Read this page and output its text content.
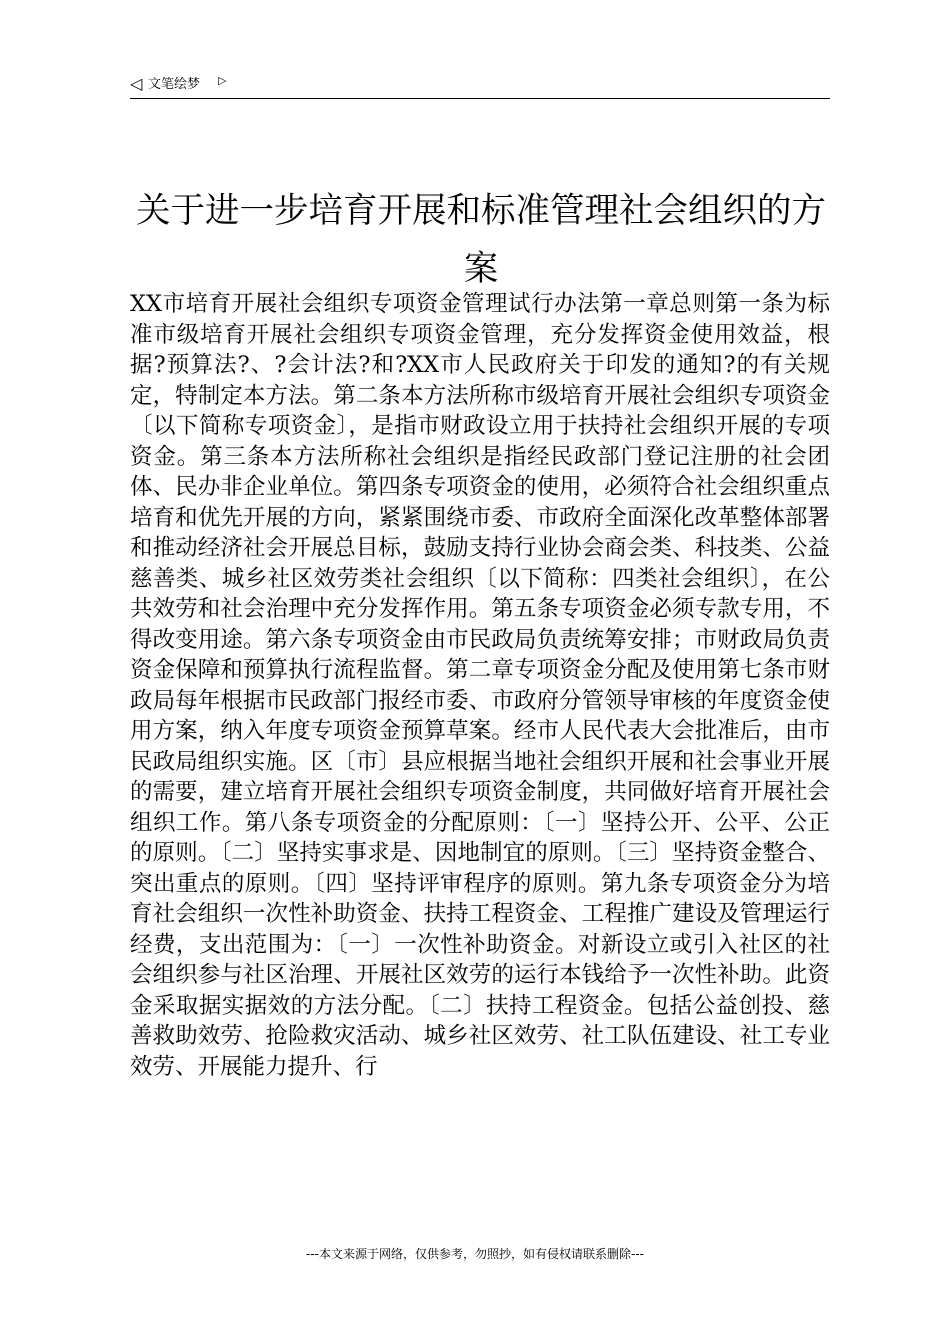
◁ 文笔绘梦 ▷
关于进一步培育开展和标准管理社会组织的方案

XX市培育开展社会组织专项资金管理试行办法第一章总则第一条为标准市级培育开展社会组织专项资金管理，充分发挥资金使用效益，根据?预算法?、?会计法?和?XX市人民政府关于印发的通知?的有关规定，特制定本方法。第二条本方法所称市级培育开展社会组织专项资金〔以下简称专项资金〕，是指市财政设立用于扶持社会组织开展的专项资金。第三条本方法所称社会组织是指经民政部门登记注册的社会团体、民办非企业单位。第四条专项资金的使用，必须符合社会组织重点培育和优先开展的方向，紧紧围绕市委、市政府全面深化改革整体部署和推动经济社会开展总目标，鼓励支持行业协会商会类、科技类、公益慈善类、城乡社区效劳类社会组织〔以下简称：四类社会组织〕，在公共效劳和社会治理中充分发挥作用。第五条专项资金必须专款专用，不得改变用途。第六条专项资金由市民政局负责统筹安排；市财政局负责资金保障和预算执行流程监督。第二章专项资金分配及使用第七条市财政局每年根据市民政部门报经市委、市政府分管领导审核的年度资金使用方案，纳入年度专项资金预算草案。经市人民代表大会批准后，由市民政局组织实施。区〔市〕县应根据当地社会组织开展和社会事业开展的需要，建立培育开展社会组织专项资金制度，共同做好培育开展社会组织工作。第八条专项资金的分配原则：〔一〕坚持公开、公平、公正的原则。〔二〕坚持实事求是、因地制宜的原则。〔三〕坚持资金整合、突出重点的原则。〔四〕坚持评审程序的原则。第九条专项资金分为培育社会组织一次性补助资金、扶持工程资金、工程推广建设及管理运行经费，支出范围为：〔一〕一次性补助资金。对新设立或引入社区的社会组织参与社区治理、开展社区效劳的运行本钱给予一次性补助。此资金采取据实据效的方法分配。〔二〕扶持工程资金。包括公益创投、慈善救助效劳、抢险救灾活动、城乡社区效劳、社工队伍建设、社工专业效劳、开展能力提升、行

---本文来源于网络，仅供参考，勿照抄，如有侵权请联系删除---
